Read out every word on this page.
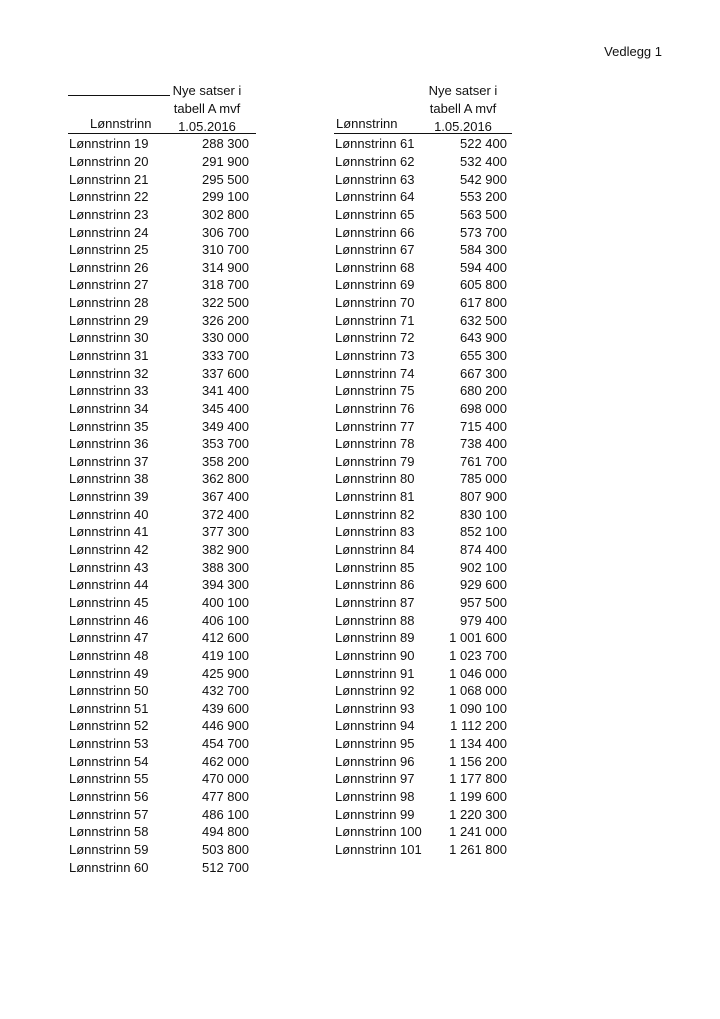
Vedlegg 1
Nye satser i
tabell A mvf
1.05.2016
Lønnstrinn
Lønnstrinn 19	288 300
Lønnstrinn 20	291 900
Lønnstrinn 21	295 500
Lønnstrinn 22	299 100
Lønnstrinn 23	302 800
Lønnstrinn 24	306 700
Lønnstrinn 25	310 700
Lønnstrinn 26	314 900
Lønnstrinn 27	318 700
Lønnstrinn 28	322 500
Lønnstrinn 29	326 200
Lønnstrinn 30	330 000
Lønnstrinn 31	333 700
Lønnstrinn 32	337 600
Lønnstrinn 33	341 400
Lønnstrinn 34	345 400
Lønnstrinn 35	349 400
Lønnstrinn 36	353 700
Lønnstrinn 37	358 200
Lønnstrinn 38	362 800
Lønnstrinn 39	367 400
Lønnstrinn 40	372 400
Lønnstrinn 41	377 300
Lønnstrinn 42	382 900
Lønnstrinn 43	388 300
Lønnstrinn 44	394 300
Lønnstrinn 45	400 100
Lønnstrinn 46	406 100
Lønnstrinn 47	412 600
Lønnstrinn 48	419 100
Lønnstrinn 49	425 900
Lønnstrinn 50	432 700
Lønnstrinn 51	439 600
Lønnstrinn 52	446 900
Lønnstrinn 53	454 700
Lønnstrinn 54	462 000
Lønnstrinn 55	470 000
Lønnstrinn 56	477 800
Lønnstrinn 57	486 100
Lønnstrinn 58	494 800
Lønnstrinn 59	503 800
Lønnstrinn 60	512 700
Nye satser i
tabell A mvf
1.05.2016
Lønnstrinn
Lønnstrinn 61	522 400
Lønnstrinn 62	532 400
Lønnstrinn 63	542 900
Lønnstrinn 64	553 200
Lønnstrinn 65	563 500
Lønnstrinn 66	573 700
Lønnstrinn 67	584 300
Lønnstrinn 68	594 400
Lønnstrinn 69	605 800
Lønnstrinn 70	617 800
Lønnstrinn 71	632 500
Lønnstrinn 72	643 900
Lønnstrinn 73	655 300
Lønnstrinn 74	667 300
Lønnstrinn 75	680 200
Lønnstrinn 76	698 000
Lønnstrinn 77	715 400
Lønnstrinn 78	738 400
Lønnstrinn 79	761 700
Lønnstrinn 80	785 000
Lønnstrinn 81	807 900
Lønnstrinn 82	830 100
Lønnstrinn 83	852 100
Lønnstrinn 84	874 400
Lønnstrinn 85	902 100
Lønnstrinn 86	929 600
Lønnstrinn 87	957 500
Lønnstrinn 88	979 400
Lønnstrinn 89	1 001 600
Lønnstrinn 90	1 023 700
Lønnstrinn 91	1 046 000
Lønnstrinn 92	1 068 000
Lønnstrinn 93	1 090 100
Lønnstrinn 94	1 112 200
Lønnstrinn 95	1 134 400
Lønnstrinn 96	1 156 200
Lønnstrinn 97	1 177 800
Lønnstrinn 98	1 199 600
Lønnstrinn 99	1 220 300
Lønnstrinn 100 1 241 000
Lønnstrinn 101 1 261 800
